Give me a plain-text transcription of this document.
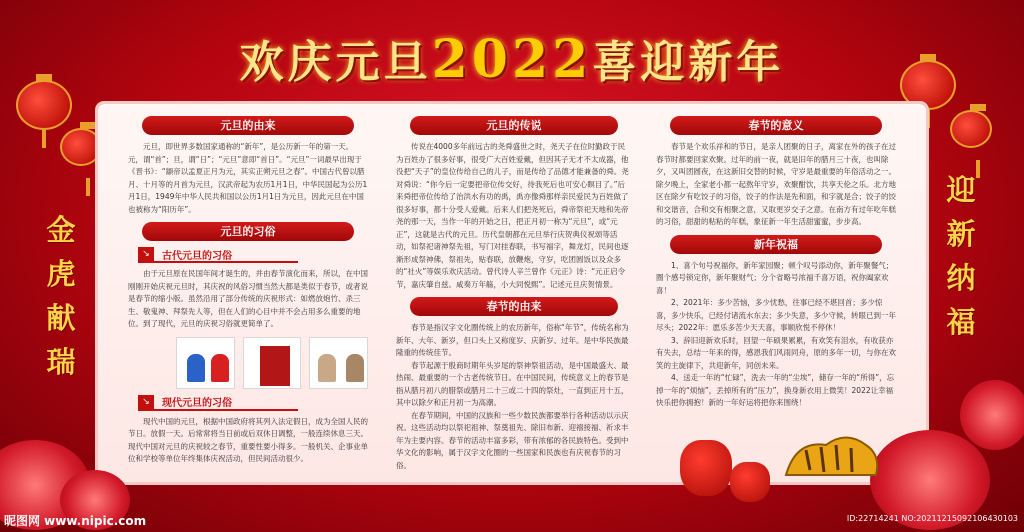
欢庆元旦2022喜迎新年
金
虎
献
瑞
迎
新
纳
福
元旦的由来

元旦，即世界多数国家通称的“新年”，是公历新一年的第一天。元，谓“首”；旦，谓“日”；“元旦”意即“首日”。“元旦”一词最早出现于《晋书》：“颛帝以孟夏正月为元，其实正朔元旦之春”。中国古代曾以腊月、十月等的月首为元旦，汉武帝起为农历1月1日，中华民国起为公历1月1日，1949年中华人民共和国以公历1月1日为元旦，因此元旦在中国也被称为“阳历年”。

元旦的习俗
↘	古代元旦的习俗

由于元旦原在民国年间才诞生的，并由春节演化而来，所以，在中国刚刚开始庆祝元旦时，其庆祝的风俗习惯当然大都是类似于春节，或者说是春节的缩小版。虽然沿用了部分传统的庆祝形式：如燃放炮竹、杀三生、敬鬼神、拜祭先人等，但在人们的心目中并不会占用多么重要的地位。到了现代，元旦的庆祝习俗就更简单了。

↘	现代元旦的习俗

现代中国的元旦，根据中国政府将其列入法定假日，成为全国人民的节日。放假一天。后常常将当日前或后双休日调整，一般连续休息三天。现代中国对元旦的庆祝较之春节，重要性要小得多。一般机关、企事业单位和学校等单位年终集体庆祝活动，但民间活动很少。

元旦的传说

传说在4000多年前远古的尧舜盛世之时，尧天子在位时勤政于民为百姓办了很多好事，很受广大百姓爱戴，但因其子无才不太成器，他没把“天子”的皇位传给自己的儿子，而是传给了品德才能兼备的舜。尧对舜说：“你今后一定要把帝位传交好，待我死后也可安心瞑目了。”后来舜把帝位传给了治洪水有功的禹，禹亦像舜那样亲民爱民为百姓做了很多好事，都十分受人爱戴。后来人们把尧死后，舜帝祭祀天地和先帝尧的那一天，当作一年的开始之日，把正月初一称为“元旦”，或“元正”，这就是古代的元旦。历代皇朝都在元旦举行庆贺典仪祝颂等活动，如祭祀诸神祭先祖，写门对挂春联，书写福字，舞龙灯，民间也逐渐形成祭神佛，祭祖先，贴春联，放鞭炮，守岁，吃团圆饭以及众多的“社火”等娱乐欢庆活动。曾代诗人辛兰曾作《元正》诗：“元正启令节，嘉庆肇自兹。咸奏万年觞，小大同悦熙”。记述元旦庆贺情景。

春节的由来

春节是指汉字文化圈传统上的农历新年，俗称“年节”，传统名称为新年、大年、新岁，但口头上又称度岁、庆新岁、过年。是中华民族最隆重的传统佳节。

春节起源于殷商时期年头岁尾的祭神祭祖活动，是中国最盛大、最热闹、最重要的一个古老传统节日。在中国民间，传统意义上的春节是指从腊月初八的腊祭或腊月二十三或二十四的祭灶，一直到正月十五，其中以除夕和正月初一为高潮。

在春节期间，中国的汉族和一些少数民族都要举行各种活动以示庆祝。这些活动均以祭祀祖神、祭奠祖先、除旧布新、迎禧接福、祈求丰年为主要内容。春节的活动丰富多彩，带有浓郁的各民族特色。受到中华文化的影响，属于汉字文化圈的一些国家和民族也有庆祝春节的习俗。

春节的意义

春节是个欢乐祥和的节日，是亲人团聚的日子，离家在外的孩子在过春节时都要回家欢聚。过年的前一夜，就是旧年的腊月三十夜，也叫除夕，又叫团圆夜，在这新旧交替的时候，守岁是最重要的年俗活动之一。除夕晚上，全家老小都一起熬年守岁，欢聚酣饮，共享天伦之乐。北方地区在除夕有吃饺子的习俗，饺子的作法是先和面，和字就是合；饺子的饺和交谐音，合和交有相聚之意，又取更岁交子之意。在南方有过年吃年糕的习俗，甜甜的粘粘的年糕，象征新一年生活甜蜜蜜，步步高。

新年祝福

1、喜个句号祝福你，新年家园聚；顿个叹号添动你，新年聚餐气；圈个感号锁定你，新年聚财气；分个省略号浓福千喜万语，祝你阖家欢喜！

2、2021年：多少苦恼，多少忧愁，往事已经不堪回首；多少惊喜，多少快乐，已经付诸流水东去；多少失意，多少守候，转眼已到一年尽头；2022年：愿乐多苦少天天喜，事顺欣悦不停休！

3、辞旧迎新欢乐时，回望一年硕果累累，有欢笑有泪水，有收获亦有失去，总结一年来的得，感恩我们风雨同舟，原的多年一切，与你在欢笑的主旋律下，共迎新年，同创未来。

4、送走一年的“忙碌”，洗去一年的“尘埃”，储存一年的“所得”，忘掉一年的“烦恼”，丢掉所有的“压力”，换身新衣用上微笑！2022让幸福快乐把你拥抱！新的一年好运将把你来围绕！

昵图网 www.nipic.com	ID:22714241 NO:20211215092106430103
